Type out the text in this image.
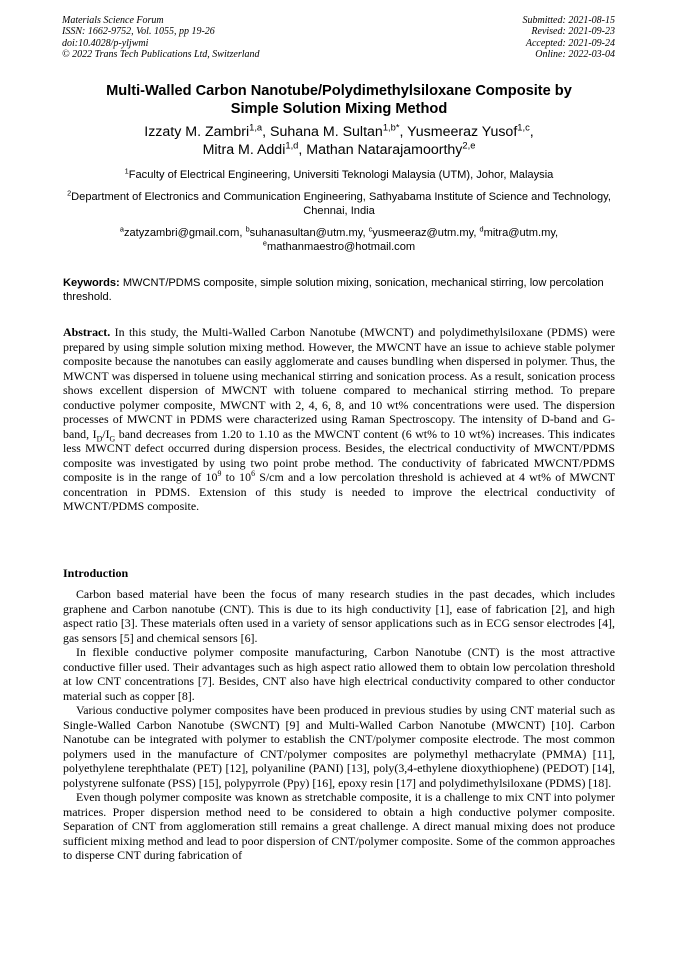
Materials Science Forum
ISSN: 1662-9752, Vol. 1055, pp 19-26
doi:10.4028/p-yljwmi
© 2022 Trans Tech Publications Ltd, Switzerland
Submitted: 2021-08-15
Revised: 2021-09-23
Accepted: 2021-09-24
Online: 2022-03-04
Multi-Walled Carbon Nanotube/Polydimethylsiloxane Composite by
Simple Solution Mixing Method
Izzaty M. Zambri$^{1,a}$, Suhana M. Sultan$^{1,b*}$, Yusmeeraz Yusof$^{1,c}$,
Mitra M. Addi$^{1,d}$, Mathan Natarajamoorthy$^{2,e}$
$^1$Faculty of Electrical Engineering, Universiti Teknologi Malaysia (UTM), Johor, Malaysia
$^2$Department of Electronics and Communication Engineering, Sathyabama Institute of Science and Technology, Chennai, India
$^a$zatyzambri@gmail.com, $^b$suhanasultan@utm.my, $^c$yusmeeraz@utm.my, $^d$mitra@utm.my, $^e$mathanmaestro@hotmail.com
Keywords: MWCNT/PDMS composite, simple solution mixing, sonication, mechanical stirring, low percolation threshold.
Abstract. In this study, the Multi-Walled Carbon Nanotube (MWCNT) and polydimethylsiloxane (PDMS) were prepared by using simple solution mixing method. However, the MWCNT have an issue to achieve stable polymer composite because the nanotubes can easily agglomerate and causes bundling when dispersed in polymer. Thus, the MWCNT was dispersed in toluene using mechanical stirring and sonication process. As a result, sonication process shows excellent dispersion of MWCNT with toluene compared to mechanical stirring method. To prepare conductive polymer composite, MWCNT with 2, 4, 6, 8, and 10 wt% concentrations were used. The dispersion processes of MWCNT in PDMS were characterized using Raman Spectroscopy. The intensity of D-band and G-band, $I_D/I_G$ band decreases from 1.20 to 1.10 as the MWCNT content (6 wt% to 10 wt%) increases. This indicates less MWCNT defect occurred during dispersion process. Besides, the electrical conductivity of MWCNT/PDMS composite was investigated by using two point probe method. The conductivity of fabricated MWCNT/PDMS composite is in the range of $10^9$ to $10^6$ S/cm and a low percolation threshold is achieved at 4 wt% of MWCNT concentration in PDMS. Extension of this study is needed to improve the electrical conductivity of MWCNT/PDMS composite.
Introduction

Carbon based material have been the focus of many research studies in the past decades, which includes graphene and Carbon nanotube (CNT). This is due to its high conductivity [1], ease of fabrication [2], and high aspect ratio [3]. These materials often used in a variety of sensor applications such as in ECG sensor electrodes [4], gas sensors [5] and chemical sensors [6].

In flexible conductive polymer composite manufacturing, Carbon Nanotube (CNT) is the most attractive conductive filler used. Their advantages such as high aspect ratio allowed them to obtain low percolation threshold at low CNT concentrations [7]. Besides, CNT also have high electrical conductivity compared to other conductor material such as copper [8].

Various conductive polymer composites have been produced in previous studies by using CNT material such as Single-Walled Carbon Nanotube (SWCNT) [9] and Multi-Walled Carbon Nanotube (MWCNT) [10]. Carbon Nanotube can be integrated with polymer to establish the CNT/polymer composite electrode. The most common polymers used in the manufacture of CNT/polymer composites are polymethyl methacrylate (PMMA) [11], polyethylene terephthalate (PET) [12], polyaniline (PANI) [13], poly(3,4-ethylene dioxythiophene) (PEDOT) [14], polystyrene sulfonate (PSS) [15], polypyrrole (Ppy) [16], epoxy resin [17] and polydimethylsiloxane (PDMS) [18].

Even though polymer composite was known as stretchable composite, it is a challenge to mix CNT into polymer matrices. Proper dispersion method need to be considered to obtain a high conductive polymer composite. Separation of CNT from agglomeration still remains a great challenge. A direct manual mixing does not produce sufficient mixing method and lead to poor dispersion of CNT/polymer composite. Some of the common approaches to disperse CNT during fabrication of
